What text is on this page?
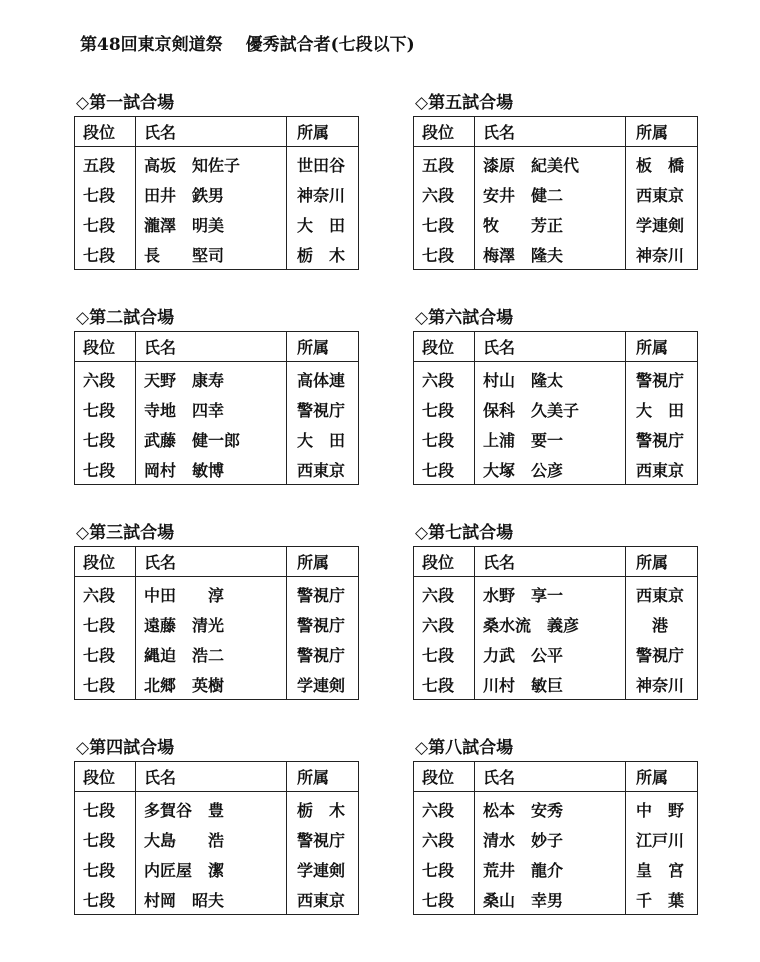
第48回東京剣道祭　 優秀試合者(七段以下)
◇第一試合場
段位	氏名	所属
五段	高坂　知佐子	世田谷
七段	田井　鉄男	神奈川
七段	瀧澤　明美	大　田
七段	長　　堅司	栃　木
◇第二試合場
段位	氏名	所属
六段	天野　康寿	高体連
七段	寺地　四幸	警視庁
七段	武藤　健一郎	大　田
七段	岡村　敏博	西東京
◇第三試合場
段位	氏名	所属
六段	中田　　淳	警視庁
七段	遠藤　清光	警視庁
七段	縄迫　浩二	警視庁
七段	北郷　英樹	学連剣
◇第四試合場
段位	氏名	所属
七段	多賀谷　豊	栃　木
七段	大島　　浩	警視庁
七段	内匠屋　潔	学連剣
七段	村岡　昭夫	西東京
◇第五試合場
段位	氏名	所属
五段	漆原　紀美代	板　橋
六段	安井　健二	西東京
七段	牧　　芳正	学連剣
七段	梅澤　隆夫	神奈川
◇第六試合場
段位	氏名	所属
六段	村山　隆太	警視庁
七段	保科　久美子	大　田
七段	上浦　要一	警視庁
七段	大塚　公彦	西東京
◇第七試合場
段位	氏名	所属
六段	水野　享一	西東京
六段	桑水流　義彦	　港
七段	力武　公平	警視庁
七段	川村　敏巨	神奈川
◇第八試合場
段位	氏名	所属
六段	松本　安秀	中　野
六段	清水　妙子	江戸川
七段	荒井　龍介	皇　宮
七段	桑山　幸男	千　葉
